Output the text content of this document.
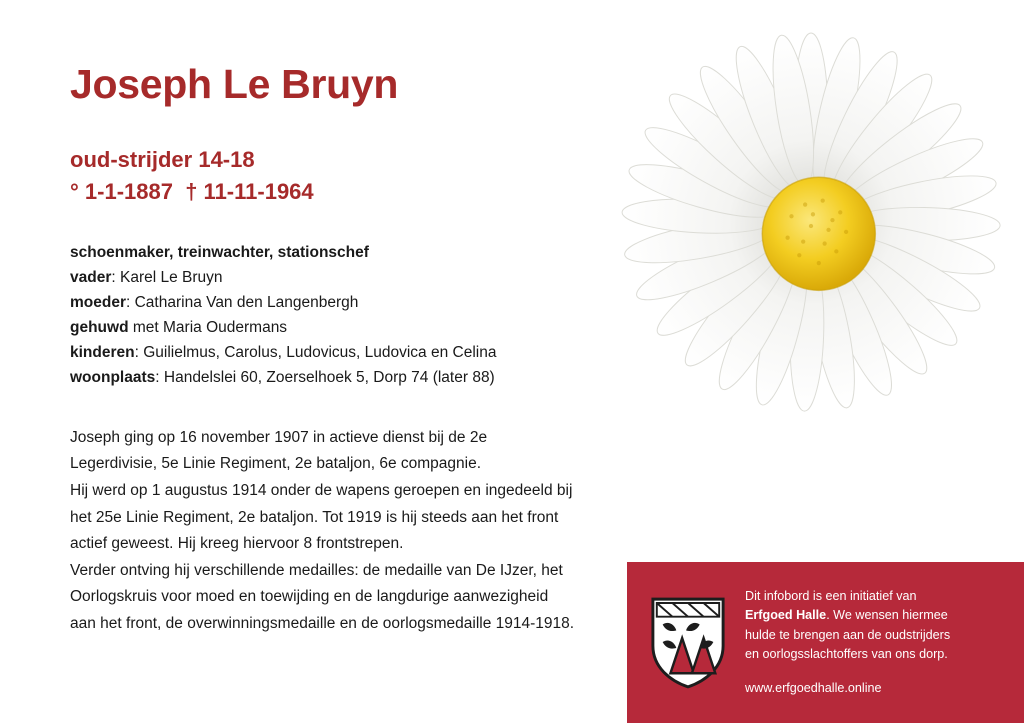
Joseph Le Bruyn
oud-strijder 14-18
° 1-1-1887  † 11-11-1964
schoenmaker, treinwachter, stationschef
vader: Karel Le Bruyn
moeder: Catharina Van den Langenbergh
gehuwd met Maria Oudermans
kinderen: Guilielmus, Carolus, Ludovicus, Ludovica en Celina
woonplaats: Handelslei 60, Zoerselhoek 5, Dorp 74 (later 88)

Joseph ging op 16 november 1907 in actieve dienst bij de 2e Legerdivisie, 5e Linie Regiment, 2e bataljon, 6e compagnie.

Hij werd op 1 augustus 1914 onder de wapens geroepen en ingedeeld bij het 25e Linie Regiment, 2e bataljon. Tot 1919 is hij steeds aan het front actief geweest. Hij kreeg hiervoor 8 frontstrepen.

Verder ontving hij verschillende medailles: de medaille van De IJzer, het Oorlogskruis voor moed en toewijding en de langdurige aanwezigheid aan het front, de overwinningsmedaille en de oorlogsmedaille 1914-1918.

Dit infobord is een initiatief van
Erfgoed Halle. We wensen hiermee
hulde te brengen aan de oudstrijders
en oorlogsslachtoffers van ons dorp.
www.erfgoedhalle.online
